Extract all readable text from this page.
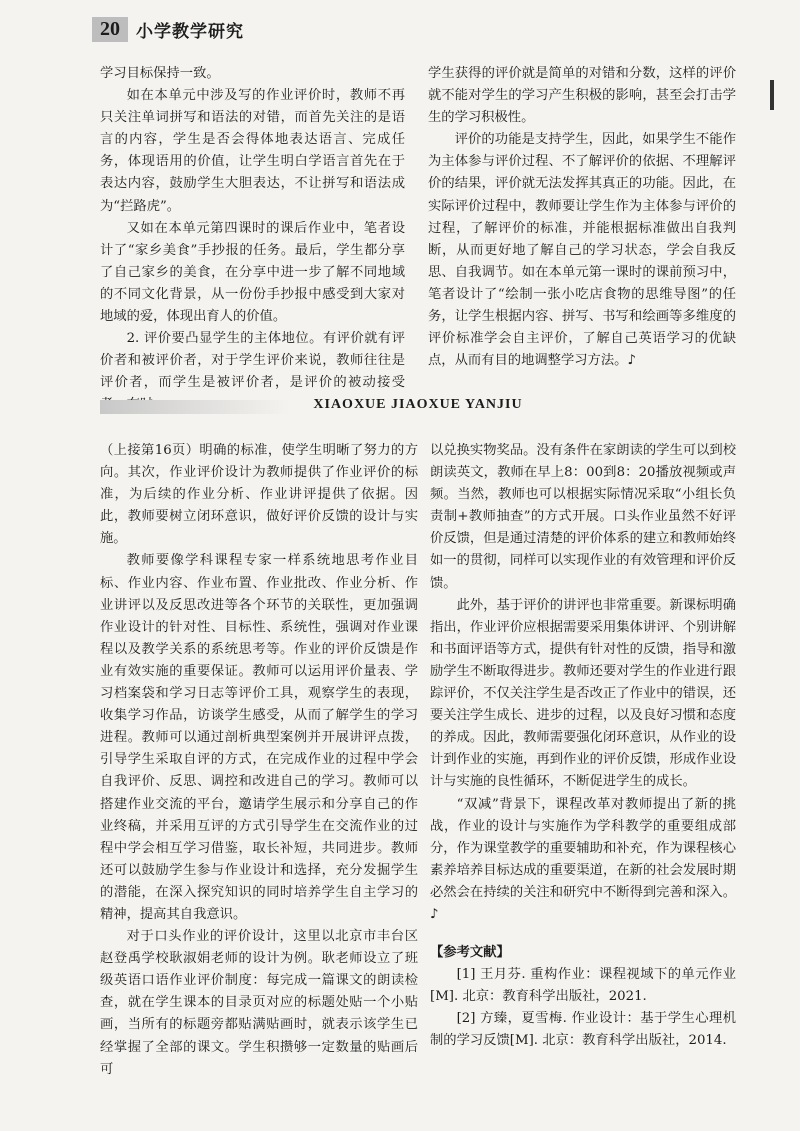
20 小学教学研究

学习目标保持一致。

如在本单元中涉及写的作业评价时，教师不再只关注单词拼写和语法的对错，而首先关注的是语言的内容，学生是否会得体地表达语言、完成任务，体现语用的价值，让学生明白学语言首先在于表达内容，鼓励学生大胆表达，不让拼写和语法成为“拦路虎”。

又如在本单元第四课时的课后作业中，笔者设计了“家乡美食”手抄报的任务。最后，学生都分享了自己家乡的美食，在分享中进一步了解不同地域的不同文化背景，从一份份手抄报中感受到大家对地域的爱，体现出育人的价值。

2. 评价要凸显学生的主体地位。有评价就有评价者和被评价者，对于学生评价来说，教师往往是评价者，而学生是被评价者，是评价的被动接受

学生获得的评价就是简单的对错和分数，这样的评价就不能对学生的学习产生积极的影响，甚至会打击学生的学习积极性。

评价的功能是支持学生，因此，如果学生不能作为主体参与评价过程、不了解评价的依据、不理解评价的结果，评价就无法发挥其真正的功能。因此，在实际评价过程中，教师要让学生作为主体参与评价的过程，了解评价的标准，并能根据标准做出自我判断，从而更好地了解自己的学习状态，学会自我反思、自我调节。如在本单元第一课时的课前预习中，笔者设计了“绘制一张小吃店食物的思维导图”的任务，让学生根据内容、拼写、书写和绘画等多维度的评价标准学会自主评价，了解自己英语学习的优缺点，从而有目的地调整学习方法。♪

XIAOXUE JIAOXUE YANJIU

（上接第16页）明确的标准，使学生明晰了努力的方向。其次，作业评价设计为教师提供了作业评价的标准，为后续的作业分析、作业讲评提供了依据。因此，教师要树立闭环意识，做好评价反馈的设计与实施。

教师要像学科课程专家一样系统地思考作业目标、作业内容、作业布置、作业批改、作业分析、作业讲评以及反思改进等各个环节的关联性，更加强调作业设计的针对性、目标性、系统性，强调对作业课程以及教学关系的系统思考等。作业的评价反馈是作业有效实施的重要保证。教师可以运用评价量表、学习档案袋和学习日志等评价工具，观察学生的表现，收集学习作品，访谈学生感受，从而了解学生的学习进程。教师可以通过剖析典型案例并开展讲评点拨，引导学生采取自评的方式，在完成作业的过程中学会自我评价、反思、调控和改进自己的学习。教师可以搭建作业交流的平台，邀请学生展示和分享自己的作业终稿，并采用互评的方式引导学生在交流作业的过程中学会相互学习借鉴，取长补短，共同进步。教师还可以鼓励学生参与作业设计和选择，充分发掘学生的潜能，在深入探究知识的同时培养学生自主学习的精神，提高其自我意识。

对于口头作业的评价设计，这里以北京市丰台区赵登禹学校耿淑娟老师的设计为例。耿老师设立了班级英语口语作业评价制度：每完成一篇课文的朗读检查，就在学生课本的目录页对应的标题处贴一个小贴画，当所有的标题旁都贴满贴画时，就表示该学生已经掌握了全部的课文。学生积攒够一定数量的贴画后可

以兑换实物奖品。没有条件在家朗读的学生可以到校朗读英文，教师在早上8：00到8：20播放视频或声频。当然，教师也可以根据实际情况采取“小组长负责制+教师抽查”的方式开展。口头作业虽然不好评价反馈，但是通过清楚的评价体系的建立和教师始终如一的贯彻，同样可以实现作业的有效管理和评价反馈。

此外，基于评价的讲评也非常重要。新课标明确指出，作业评价应根据需要采用集体讲评、个别讲解和书面评语等方式，提供有针对性的反馈，指导和激励学生不断取得进步。教师还要对学生的作业进行跟踪评价，不仅关注学生是否改正了作业中的错误，还要关注学生成长、进步的过程，以及良好习惯和态度的养成。因此，教师需要强化闭环意识，从作业的设计到作业的实施，再到作业的评价反馈，形成作业设计与实施的良性循环，不断促进学生的成长。

“双减”背景下，课程改革对教师提出了新的挑战，作业的设计与实施作为学科教学的重要组成部分，作为课堂教学的重要辅助和补充，作为课程核心素养培养目标达成的重要渠道，在新的社会发展时期必然会在持续的关注和研究中不断得到完善和深入。♪

【参考文献】

[1] 王月芬. 重构作业：课程视域下的单元作业[M]. 北京：教育科学出版社，2021.

[2] 方臻，夏雪梅. 作业设计：基于学生心理机制的学习反馈[M]. 北京：教育科学出版社，2014.
